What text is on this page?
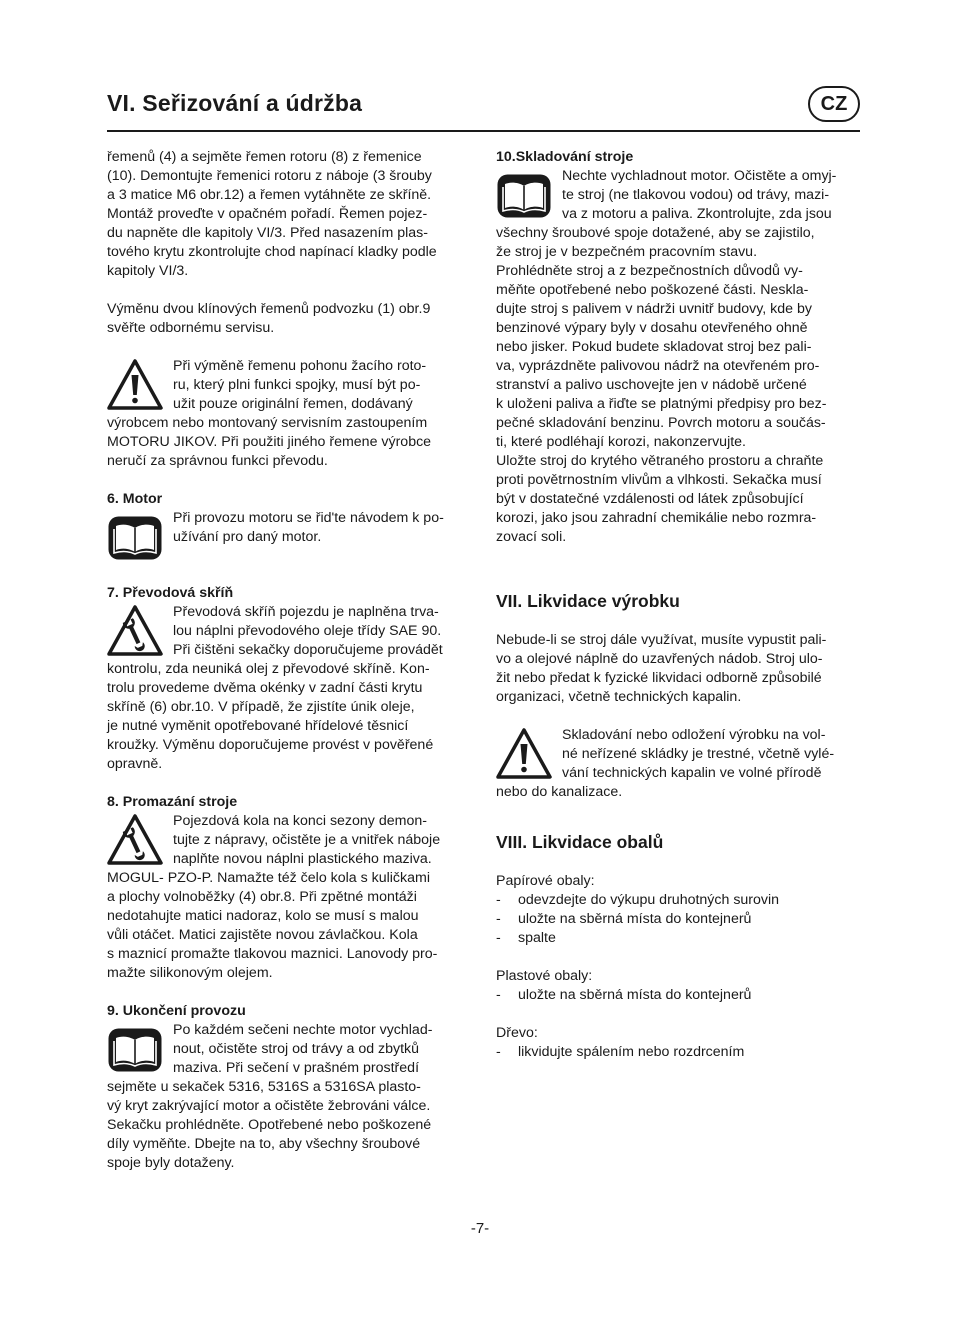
VI. Seřizování a údržba	CZ

řemenů (4) a sejměte řemen rotoru (8) z řemenice

(10). Demontujte řemenici rotoru z náboje (3 šrouby

a 3 matice M6 obr.12) a řemen vytáhněte ze skříně.

Montáž proveďte v opačném pořadí. Řemen pojez-

du napněte dle kapitoly VI/3. Před nasazením plas-

tového krytu zkontrolujte chod napínací kladky podle

kapitoly VI/3.

Výměnu dvou klínových řemenů podvozku (1) obr.9

svěřte odbornému servisu.

Při výměně řemenu pohonu žacího roto-

ru, který plni funkci spojky, musí být po-

užit pouze originální řemen, dodávaný

výrobcem nebo montovaný servisním zastoupením

MOTORU JIKOV. Při použiti jiného řemene výrobce

neručí za správnou funkci převodu.

6. Motor

Při provozu motoru se řid'te návodem k po-

užívání pro daný motor.

10.Skladování stroje

Nechte vychladnout motor. Očistěte a omyj-

te stroj (ne tlakovou vodou) od trávy, mazi-

va z motoru a paliva. Zkontrolujte, zda jsou

všechny šroubové spoje dotažené, aby se zajistilo,

že stroj je v bezpečném pracovním stavu.

Prohlédněte stroj a z bezpečnostních důvodů vy-

měňte opotřebené nebo poškozené části. Neskla-

dujte stroj s palivem v nádrži uvnitř budovy, kde by

benzinové výpary byly v dosahu otevřeného ohně

nebo jisker. Pokud budete skladovat stroj bez pali-

va, vyprázdněte palivovou nádrž na otevřeném pro-

stranství a palivo uschovejte jen v nádobě určené

k uloženi paliva a řiďte se platnými předpisy pro bez-

pečné skladování benzinu. Povrch motoru a součás-

ti, které podléhají korozi, nakonzervujte.

Uložte stroj do krytého větraného prostoru a chraňte

proti povětrnostním vlivům a vlhkosti. Sekačka musí

být v dostatečné vzdálenosti od látek způsobující

korozi, jako jsou zahradní chemikálie nebo rozmra-

zovací soli.

7. Převodová skříň

Převodová skříň pojezdu je naplněna trva-

lou náplni převodového oleje třídy SAE 90.

Při čištěni sekačky doporučujeme provádět

kontrolu, zda neuniká olej z převodové skříně. Kon-

trolu provedeme dvěma okénky v zadní části krytu

skříně (6) obr.10. V případě, že zjistíte únik oleje,

je nutné vyměnit opotřebované hřídelové těsnicí

kroužky. Výměnu doporučujeme provést v pověřené

opravně.

8. Promazání stroje

Pojezdová kola na konci sezony demon-

tujte z nápravy, očistěte je a vnitřek náboje

naplňte novou náplni plastického maziva.

MOGUL- PZO-P. Namažte též čelo kola s kuličkami

a plochy volnoběžky (4) obr.8. Při zpětné montáži

nedotahujte matici nadoraz, kolo se musí s malou

vůli otáčet. Matici zajistěte novou závlačkou. Kola

s maznicí promažte tlakovou maznici. Lanovody pro-

mažte silikonovým olejem.

9. Ukončení provozu

Po každém sečeni nechte motor vychlad-

nout, očistěte stroj od trávy a od zbytků

maziva. Při sečení v prašném prostředí

sejměte u sekaček 5316, 5316S a 5316SA plasto-

vý kryt zakrývající motor a očistěte žebrováni válce.

Sekačku prohlédněte. Opotřebené nebo poškozené

díly vyměňte. Dbejte na to, aby všechny šroubové

spoje byly dotaženy.

VII. Likvidace výrobku

Nebude-li se stroj dále využívat, musíte vypustit pali-

vo a olejové náplně do uzavřených nádob. Stroj ulo-

žit nebo předat k fyzické likvidaci odborně způsobilé

organizaci, včetně technických kapalin.

Skladování nebo odložení výrobku na vol-

né neřízené skládky je trestné, včetně vylé-

vání technických kapalin ve volné přírodě

nebo do kanalizace.

VIII. Likvidace obalů

Papírové obaly:

- odevzdejte do výkupu druhotných surovin
- uložte na sběrná místa do kontejnerů
- spalte

Plastové obaly:

- uložte na sběrná místa do kontejnerů

Dřevo:

- likvidujte spálením nebo rozdrcením
-7-
